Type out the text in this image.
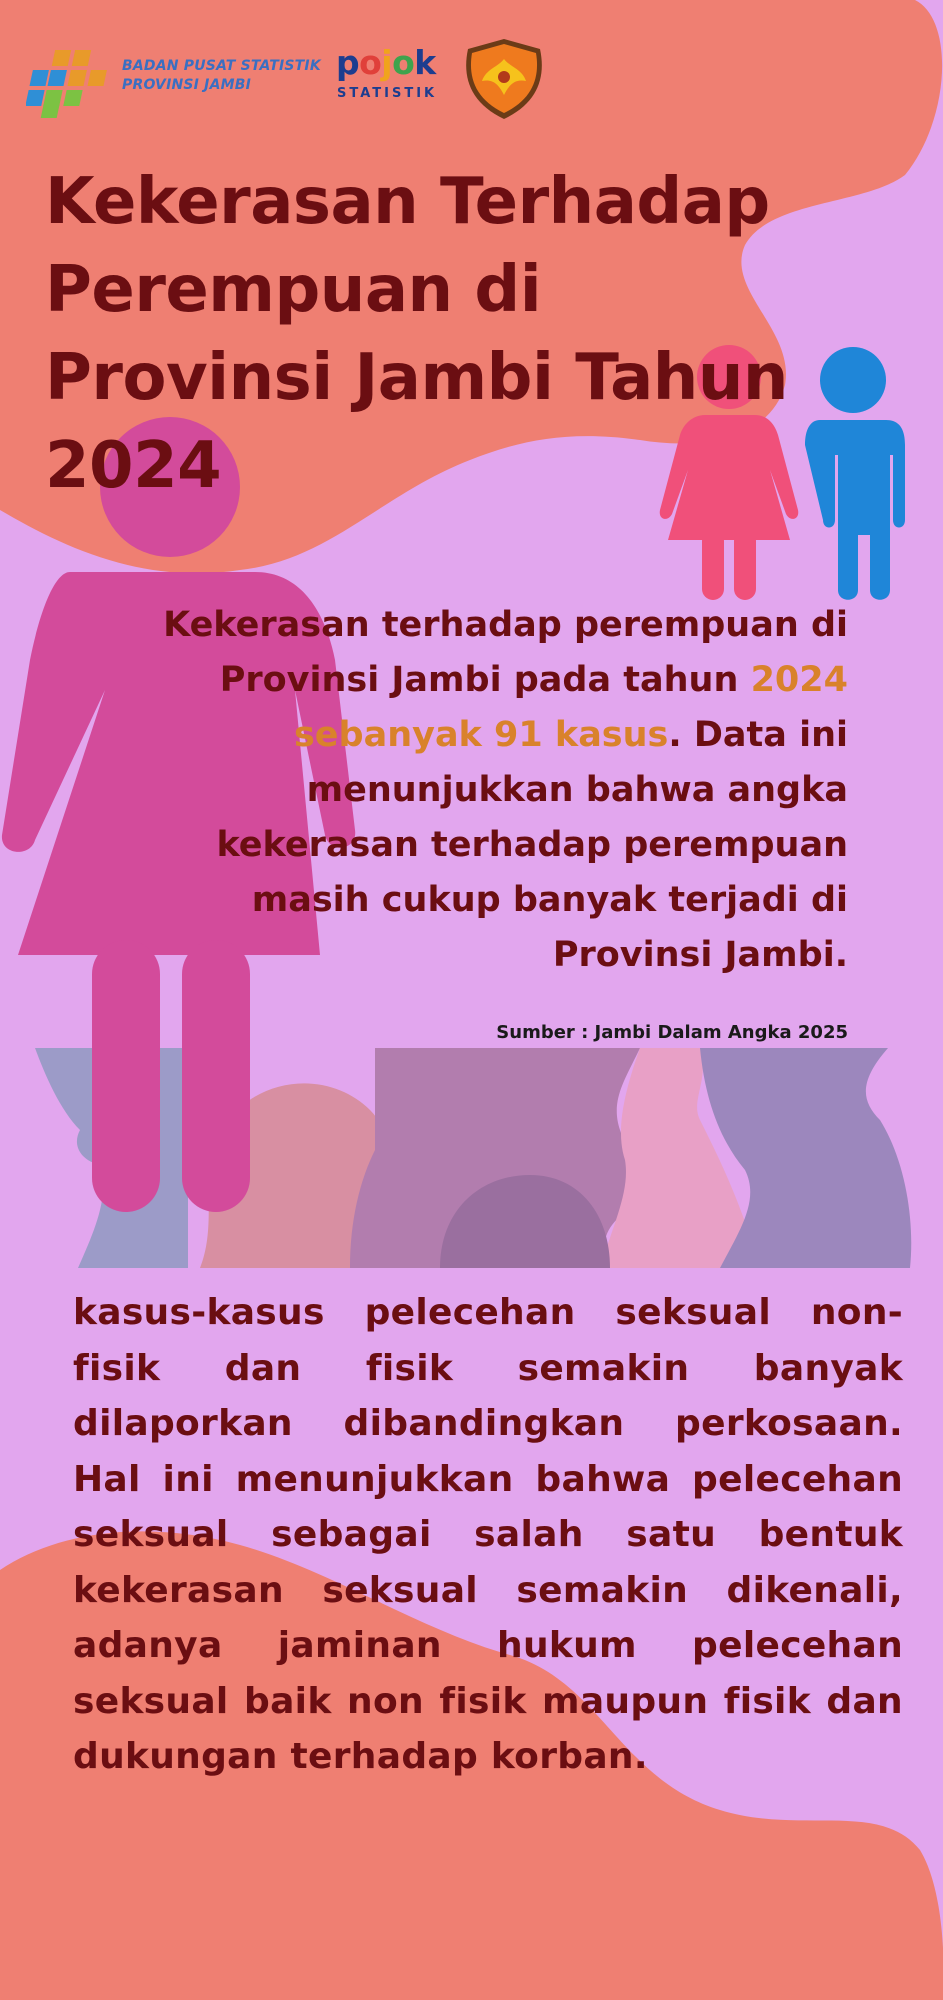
BADAN PUSAT STATISTIK
PROVINSI JAMBI
pojok
STATISTIK
Kekerasan Terhadap Perempuan di Provinsi Jambi Tahun 2024

Kekerasan terhadap perempuan di Provinsi Jambi pada tahun 2024 sebanyak 91 kasus. Data ini menunjukkan bahwa angka kekerasan terhadap perempuan masih cukup banyak terjadi di Provinsi Jambi.

Sumber : Jambi Dalam Angka 2025

kasus-kasus pelecehan seksual non-fisik dan fisik semakin banyak dilaporkan dibandingkan perkosaan. Hal ini menunjukkan bahwa pelecehan seksual sebagai salah satu bentuk kekerasan seksual semakin dikenali, adanya jaminan hukum pelecehan seksual baik non fisik maupun fisik dan dukungan terhadap korban.
